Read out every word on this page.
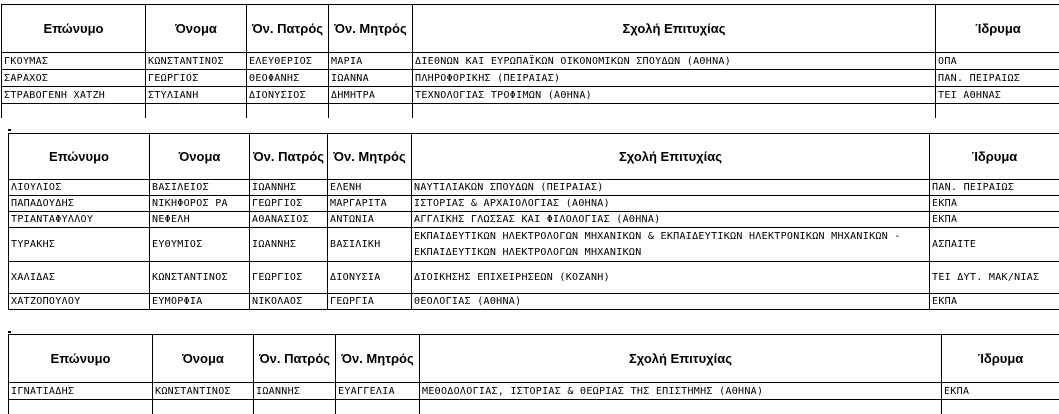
Επώνυμο	Όνομα	Όν. Πατρός	Όν. Μητρός	Σχολή Επιτυχίας	Ίδρυμα
ΓΚΟΥΜΑΣ	ΚΩΝΣΤΑΝΤΙΝΟΣ	ΕΛΕΥΘΕΡΙΟΣ	ΜΑΡΙΑ	ΔΙΕΘΝΩΝ ΚΑΙ ΕΥΡΩΠΑΪΚΩΝ ΟΙΚΟΝΟΜΙΚΩΝ ΣΠΟΥΔΩΝ (ΑΘΗΝΑ)	ΟΠΑ
ΣΑΡΑΧΟΣ	ΓΕΩΡΓΙΟΣ	ΘΕΟΦΑΝΗΣ	ΙΩΑΝΝΑ	ΠΛΗΡΟΦΟΡΙΚΗΣ (ΠΕΙΡΑΙΑΣ)	ΠΑΝ. ΠΕΙΡΑΙΩΣ
ΣΤΡΑΒΟΓΕΝΗ ΧΑΤΖΗ	ΣΤΥΛΙΑΝΗ	ΔΙΟΝΥΣΙΟΣ	ΔΗΜΗΤΡΑ	ΤΕΧΝΟΛΟΓΙΑΣ ΤΡΟΦΙΜΩΝ (ΑΘΗΝΑ)	ΤΕΙ ΑΘΗΝΑΣ

Επώνυμο	Όνομα	Όν. Πατρός	Όν. Μητρός	Σχολή Επιτυχίας	Ίδρυμα
ΛΙΟΥΛΙΟΣ	ΒΑΣΙΛΕΙΟΣ	ΙΩΑΝΝΗΣ	ΕΛΕΝΗ	ΝΑΥΤΙΛΙΑΚΩΝ ΣΠΟΥΔΩΝ (ΠΕΙΡΑΙΑΣ)	ΠΑΝ. ΠΕΙΡΑΙΩΣ
ΠΑΠΑΔΟΥΔΗΣ	ΝΙΚΗΦΟΡΟΣ ΡΑ	ΓΕΩΡΓΙΟΣ	ΜΑΡΓΑΡΙΤΑ	ΙΣΤΟΡΙΑΣ & ΑΡΧΑΙΟΛΟΓΙΑΣ (ΑΘΗΝΑ)	ΕΚΠΑ
ΤΡΙΑΝΤΑΦΥΛΛΟΥ	ΝΕΦΕΛΗ	ΑΘΑΝΑΣΙΟΣ	ΑΝΤΩΝΙΑ	ΑΓΓΛΙΚΗΣ ΓΛΩΣΣΑΣ ΚΑΙ ΦΙΛΟΛΟΓΙΑΣ (ΑΘΗΝΑ)	ΕΚΠΑ
ΤΥΡΑΚΗΣ	ΕΥΘΥΜΙΟΣ	ΙΩΑΝΝΗΣ	ΒΑΣΙΛΙΚΗ	ΕΚΠΑΙΔΕΥΤΙΚΩΝ ΗΛΕΚΤΡΟΛΟΓΩΝ ΜΗΧΑΝΙΚΩΝ & ΕΚΠΑΙΔΕΥΤΙΚΩΝ ΗΛΕΚΤΡΟΝΙΚΩΝ ΜΗΧΑΝΙΚΩΝ - ΕΚΠΑΙΔΕΥΤΙΚΩΝ ΗΛΕΚΤΡΟΛΟΓΩΝ ΜΗΧΑΝΙΚΩΝ	ΑΣΠΑΙΤΕ
ΧΑΛΙΔΑΣ	ΚΩΝΣΤΑΝΤΙΝΟΣ	ΓΕΩΡΓΙΟΣ	ΔΙΟΝΥΣΙΑ	ΔΙΟΙΚΗΣΗΣ ΕΠΙΧΕΙΡΗΣΕΩΝ (ΚΟΖΑΝΗ)	ΤΕΙ ΔΥΤ. ΜΑΚ/ΝΙΑΣ
ΧΑΤΖΟΠΟΥΛΟΥ	ΕΥΜΟΡΦΙΑ	ΝΙΚΟΛΑΟΣ	ΓΕΩΡΓΙΑ	ΘΕΟΛΟΓΙΑΣ (ΑΘΗΝΑ)	ΕΚΠΑ
Επώνυμο	Όνομα	Όν. Πατρός	Όν. Μητρός	Σχολή Επιτυχίας	Ίδρυμα
ΙΓΝΑΤΙΑΔΗΣ	ΚΩΝΣΤΑΝΤΙΝΟΣ	ΙΩΑΝΝΗΣ	ΕΥΑΓΓΕΛΙΑ	ΜΕΘΟΔΟΛΟΓΙΑΣ, ΙΣΤΟΡΙΑΣ & ΘΕΩΡΙΑΣ ΤΗΣ ΕΠΙΣΤΗΜΗΣ (ΑΘΗΝΑ)	ΕΚΠΑ
